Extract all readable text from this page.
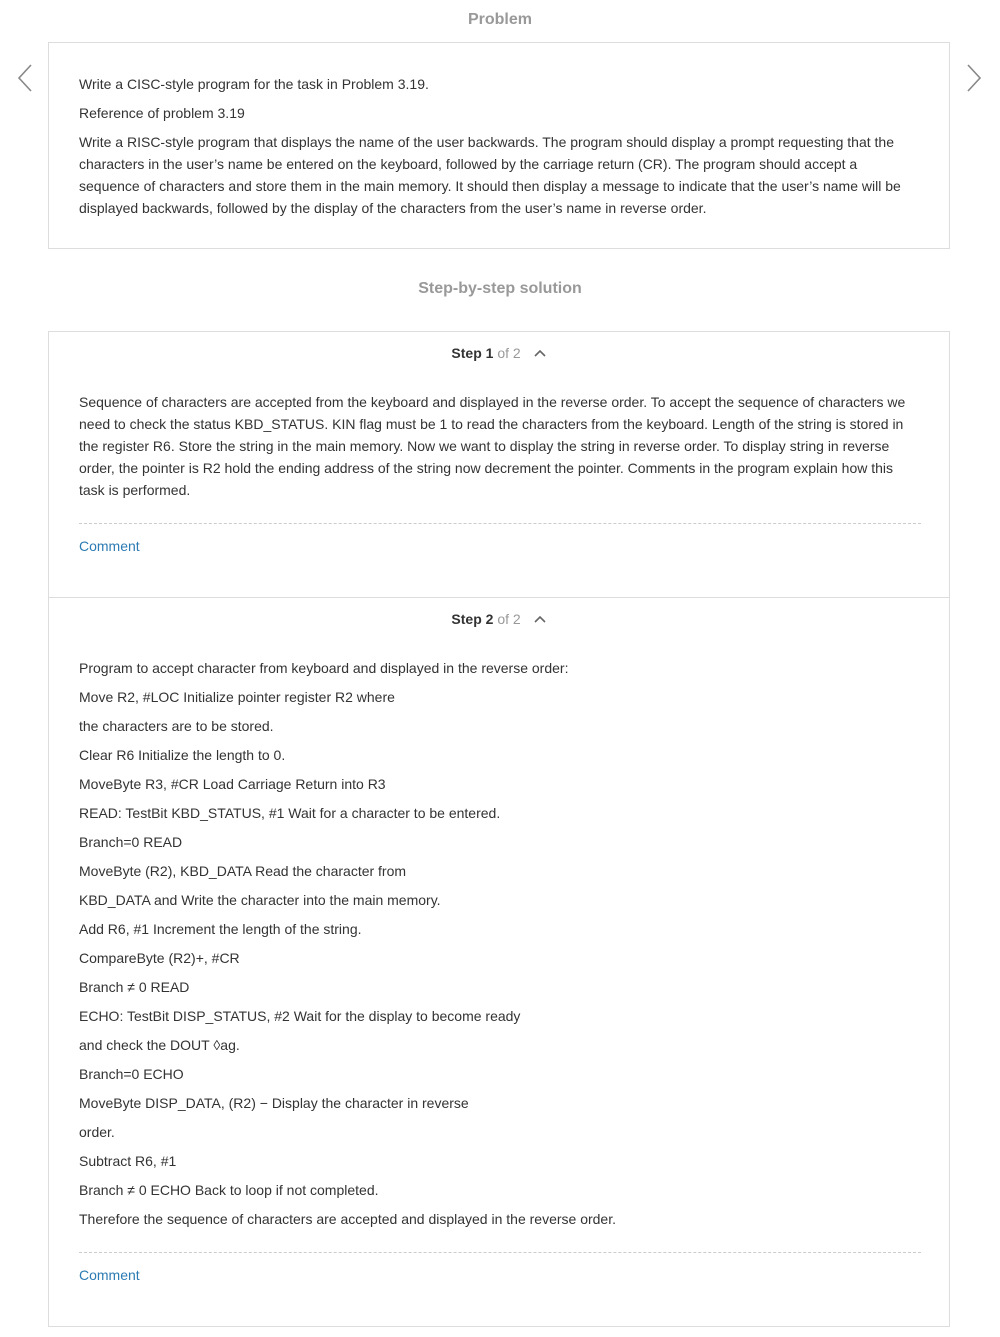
Problem

Write a CISC-style program for the task in Problem 3.19.

Reference of problem 3.19

Write a RISC-style program that displays the name of the user backwards. The program should display a prompt requesting that the characters in the user’s name be entered on the keyboard, followed by the carriage return (CR). The program should accept a sequence of characters and store them in the main memory. It should then display a message to indicate that the user’s name will be displayed backwards, followed by the display of the characters from the user’s name in reverse order.

Step-by-step solution
Step 1 of 2
Sequence of characters are accepted from the keyboard and displayed in the reverse order. To accept the sequence of characters we need to check the status KBD_STATUS. KIN flag must be 1 to read the characters from the keyboard. Length of the string is stored in the register R6. Store the string in the main memory. Now we want to display the string in reverse order. To display string in reverse order, the pointer is R2 hold the ending address of the string now decrement the pointer. Comments in the program explain how this task is performed.
Comment
Step 2 of 2

Program to accept character from keyboard and displayed in the reverse order:

Move R2, #LOC Initialize pointer register R2 where

the characters are to be stored.

Clear R6 Initialize the length to 0.

MoveByte R3, #CR Load Carriage Return into R3

READ: TestBit KBD_STATUS, #1 Wait for a character to be entered.

Branch=0 READ

MoveByte (R2), KBD_DATA Read the character from

KBD_DATA and Write the character into the main memory.

Add R6, #1 Increment the length of the string.

CompareByte (R2)+, #CR

Branch ≠ 0 READ

ECHO: TestBit DISP_STATUS, #2 Wait for the display to become ready

and check the DOUT ◊ag.

Branch=0 ECHO

MoveByte DISP_DATA, (R2) − Display the character in reverse

order.

Subtract R6, #1

Branch ≠ 0 ECHO Back to loop if not completed.

Therefore the sequence of characters are accepted and displayed in the reverse order.

Comment
